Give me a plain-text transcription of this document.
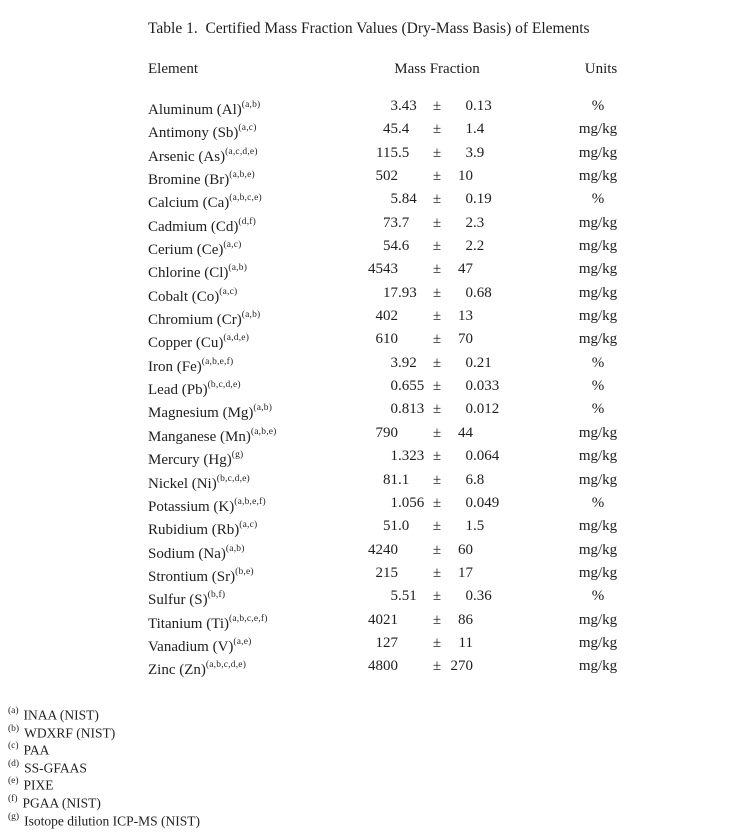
Table 1.  Certified Mass Fraction Values (Dry-Mass Basis) of Elements
Element	Mass Fraction	Units
Aluminum $(Al)^{(a,b)}$	3 .43	±	0 .13	%
Antimony $(Sb)^{(a,c)}$	45 .4	±	1 .4	mg/kg
Arsenic $(As)^{(a,c,d,e)}$	115 .5	±	3 .9	mg/kg
Bromine $(Br)^{(a,b,e)}$	502 ±	10	mg/kg
Calcium $(Ca)^{(a,b,c,e)}$	5 .84	±	0 .19	%
Cadmium $(Cd)^{(d,f)}$	73 .7	±	2 .3	mg/kg
Cerium $(Ce)^{(a,c)}$	54 .6	±	2 .2	mg/kg
Chlorine $(Cl)^{(a,b)}$	4543 ±	47	mg/kg
Cobalt $(Co)^{(a,c)}$	17 .93	±	0 .68	mg/kg
Chromium $(Cr)^{(a,b)}$	402 ±	13	mg/kg
Copper $(Cu)^{(a,d,e)}$	610 ±	70	mg/kg
Iron $(Fe)^{(a,b,e,f)}$	3 .92	±	0 .21	%
Lead $(Pb)^{(b,c,d,e)}$	0 .655 ±	0 .033	%
Magnesium $(Mg)^{(a,b)}$	0 .813 ±	0 .012	%
Manganese $(Mn)^{(a,b,e)}$	790 ±	44	mg/kg
Mercury $(Hg)^{(g)}$	1 .323 ±	0 .064	mg/kg
Nickel $(Ni)^{(b,c,d,e)}$	81 .1	±	6 .8	mg/kg
Potassium $(K)^{(a,b,e,f)}$	1 .056 ±	0 .049	%
Rubidium $(Rb)^{(a,c)}$	51 .0	±	1 .5	mg/kg
Sodium $(Na)^{(a,b)}$	4240 ±	60	mg/kg
Strontium $(Sr)^{(b,e)}$	215 ±	17	mg/kg
Sulfur $(S)^{(b,f)}$	5 .51	±	0 .36	%
Titanium $(Ti)^{(a,b,c,e,f)}$	4021 ±	86	mg/kg
Vanadium $(V)^{(a,e)}$	127 ±	11	mg/kg
Zinc $(Zn)^{(a,b,c,d,e)}$	4800 ± 270	mg/kg
$^{(a)}$ INAA (NIST)
$^{(b)}$ WDXRF (NIST)
$^{(c)}$ PAA
$^{(d)}$ SS-GFAAS
$^{(e)}$ PIXE
$^{(f)}$ PGAA (NIST)
$^{(g)}$ Isotope dilution ICP-MS (NIST)
